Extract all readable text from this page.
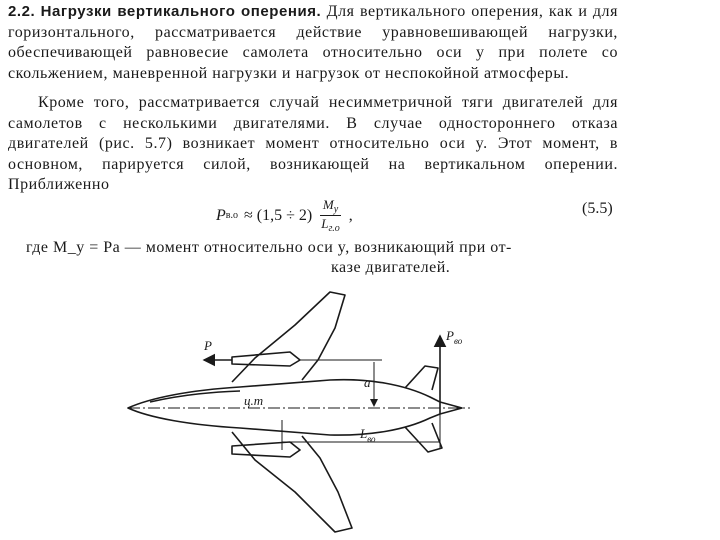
2.2. Нагрузки вертикального оперения. Для вертикального оперения, как и для горизонтального, рассматривается действие уравновешивающей нагрузки, обеспечивающей равновесие самолета относительно оси y при полете со скольжением, маневренной нагрузки и нагрузок от неспокойной атмосферы.

Кроме того, рассматривается случай несимметричной тяги двигателей для самолетов с несколькими двигателями. В случае одностороннего отказа двигателей (рис. 5.7) возникает момент относительно оси y. Этот момент, в основном, парируется силой, возникающей на вертикальном оперении. Приближенно

P $в.о \approx (1,5 \div 2) \frac{M_y}{L_{г.о}}$ ,	(5.5)
где M_y = Pa — момент относительно оси y, возникающий при от-
казе двигателей.
P
$P_{во}$
a
ц.т
$L_{во}$
